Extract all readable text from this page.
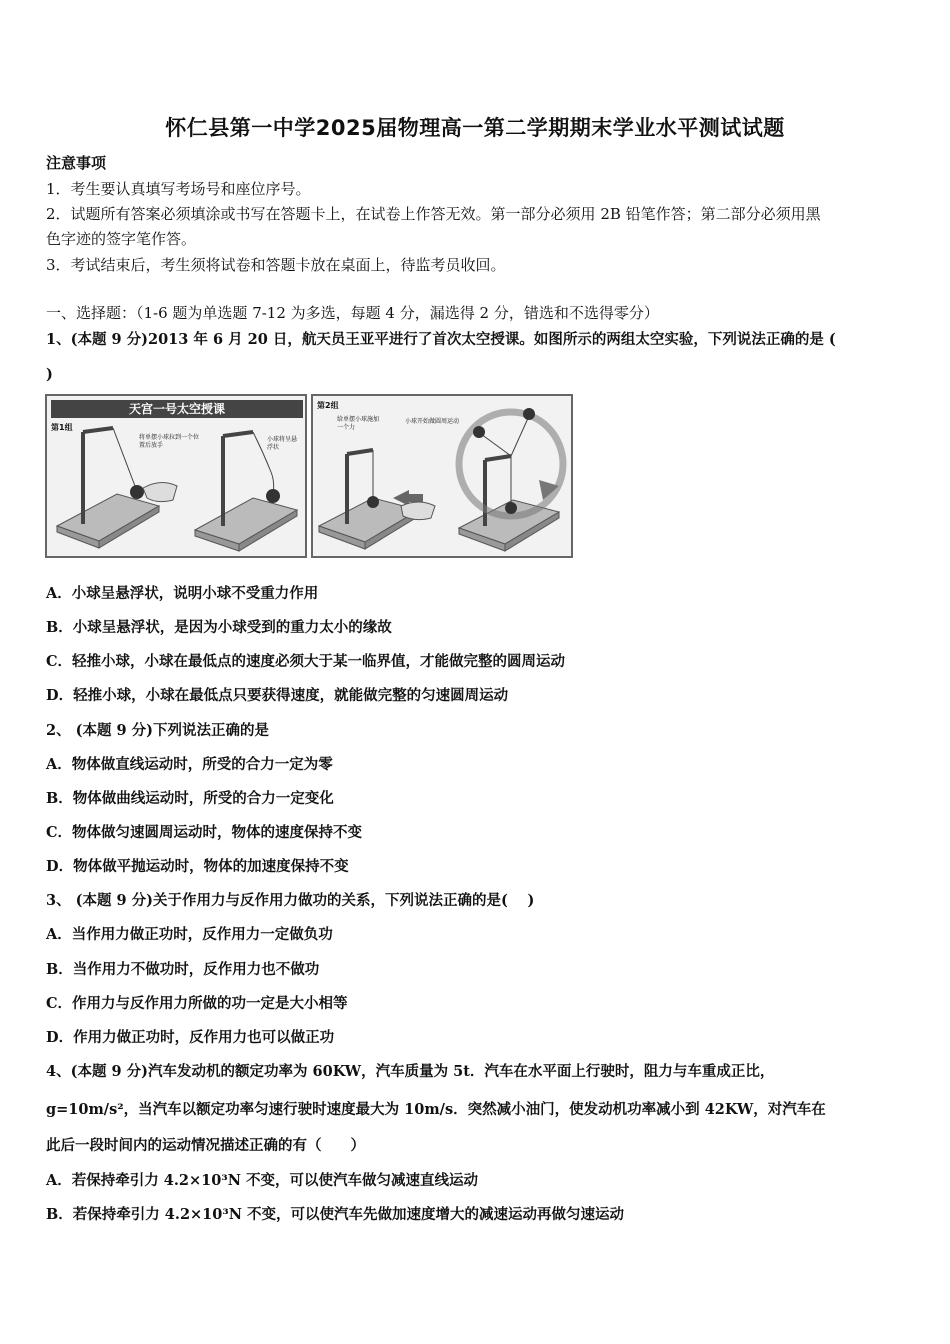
怀仁县第一中学2025届物理高一第二学期期末学业水平测试试题
注意事项
1．考生要认真填写考场号和座位序号。
2．试题所有答案必须填涂或书写在答题卡上，在试卷上作答无效。第一部分必须用 2B 铅笔作答；第二部分必须用黑
色字迹的签字笔作答。
3．考试结束后，考生须将试卷和答题卡放在桌面上，待监考员收回。
一、选择题：（1-6 题为单选题 7-12 为多选，每题 4 分，漏选得 2 分，错选和不选得零分）
1、(本题 9 分)2013 年 6 月 20 日，航天员王亚平进行了首次太空授课。如图所示的两组太空实验，下列说法正确的是 (
)
天宫一号太空授课
第1组
将单摆小球拉到一个位置后放手
小球将呈悬浮状
第2组
给单摆小球施加一个力
小球开始做圆周运动
A．小球呈悬浮状，说明小球不受重力作用
B．小球呈悬浮状，是因为小球受到的重力太小的缘故
C．轻推小球，小球在最低点的速度必须大于某一临界值，才能做完整的圆周运动
D．轻推小球，小球在最低点只要获得速度，就能做完整的匀速圆周运动
2、 (本题 9 分)下列说法正确的是
A．物体做直线运动时，所受的合力一定为零
B．物体做曲线运动时，所受的合力一定变化
C．物体做匀速圆周运动时，物体的速度保持不变
D．物体做平抛运动时，物体的加速度保持不变
3、 (本题 9 分)关于作用力与反作用力做功的关系，下列说法正确的是(　 )
A．当作用力做正功时，反作用力一定做负功
B．当作用力不做功时，反作用力也不做功
C．作用力与反作用力所做的功一定是大小相等
D．作用力做正功时，反作用力也可以做正功
4、(本题 9 分)汽车发动机的额定功率为 60KW，汽车质量为 5t．汽车在水平面上行驶时，阻力与车重成正比，
g=10m/s²，当汽车以额定功率匀速行驶时速度最大为 10m/s．突然减小油门，使发动机功率减小到 42KW，对汽车在
此后一段时间内的运动情况描述正确的有（　　）
A．若保持牵引力 4.2×10³N 不变，可以使汽车做匀减速直线运动
B．若保持牵引力 4.2×10³N 不变，可以使汽车先做加速度增大的减速运动再做匀速运动
